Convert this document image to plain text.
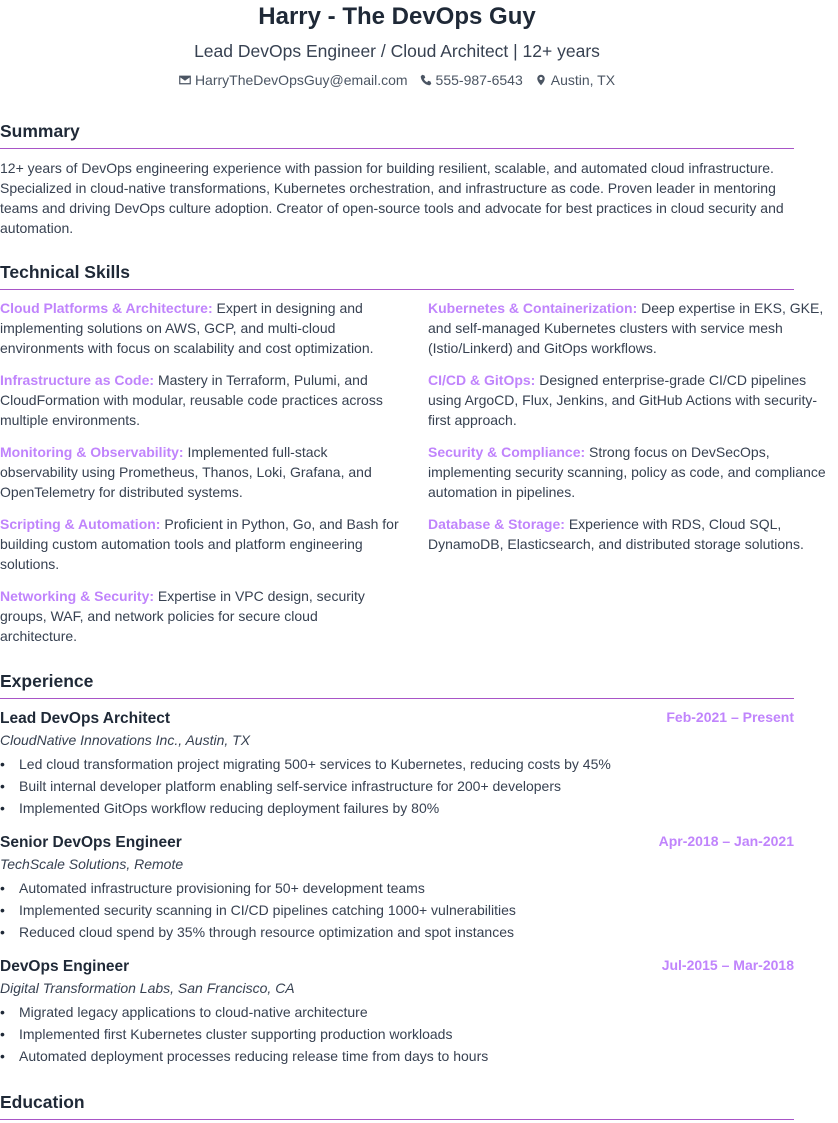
Harry - The DevOps Guy
Lead DevOps Engineer / Cloud Architect | 12+ years
HarryTheDevOpsGuy@email.com 555-987-6543 Austin, TX
Summary
12+ years of DevOps engineering experience with passion for building resilient, scalable, and automated cloud infrastructure.
Specialized in cloud-native transformations, Kubernetes orchestration, and infrastructure as code. Proven leader in mentoring
teams and driving DevOps culture adoption. Creator of open-source tools and advocate for best practices in cloud security and
automation.
Technical Skills
Cloud Platforms & Architecture: Expert in designing and
implementing solutions on AWS, GCP, and multi-cloud
environments with focus on scalability and cost optimization.
Infrastructure as Code: Mastery in Terraform, Pulumi, and
CloudFormation with modular, reusable code practices across
multiple environments.
Monitoring & Observability: Implemented full-stack
observability using Prometheus, Thanos, Loki, Grafana, and
OpenTelemetry for distributed systems.
Scripting & Automation: Proficient in Python, Go, and Bash for
building custom automation tools and platform engineering
solutions.
Networking & Security: Expertise in VPC design, security
groups, WAF, and network policies for secure cloud
architecture.
Kubernetes & Containerization: Deep expertise in EKS, GKE,
and self-managed Kubernetes clusters with service mesh
(Istio/Linkerd) and GitOps workflows.
CI/CD & GitOps: Designed enterprise-grade CI/CD pipelines
using ArgoCD, Flux, Jenkins, and GitHub Actions with security-
first approach.
Security & Compliance: Strong focus on DevSecOps,
implementing security scanning, policy as code, and compliance
automation in pipelines.
Database & Storage: Experience with RDS, Cloud SQL,
DynamoDB, Elasticsearch, and distributed storage solutions.
Experience
Lead DevOps Architect	Feb-2021 – Present
CloudNative Innovations Inc., Austin, TX
• Led cloud transformation project migrating 500+ services to Kubernetes, reducing costs by 45%
• Built internal developer platform enabling self-service infrastructure for 200+ developers
• Implemented GitOps workflow reducing deployment failures by 80%
Senior DevOps Engineer	Apr-2018 – Jan-2021
TechScale Solutions, Remote
• Automated infrastructure provisioning for 50+ development teams
• Implemented security scanning in CI/CD pipelines catching 1000+ vulnerabilities
• Reduced cloud spend by 35% through resource optimization and spot instances
DevOps Engineer	Jul-2015 – Mar-2018
Digital Transformation Labs, San Francisco, CA
• Migrated legacy applications to cloud-native architecture
• Implemented first Kubernetes cluster supporting production workloads
• Automated deployment processes reducing release time from days to hours
Education
